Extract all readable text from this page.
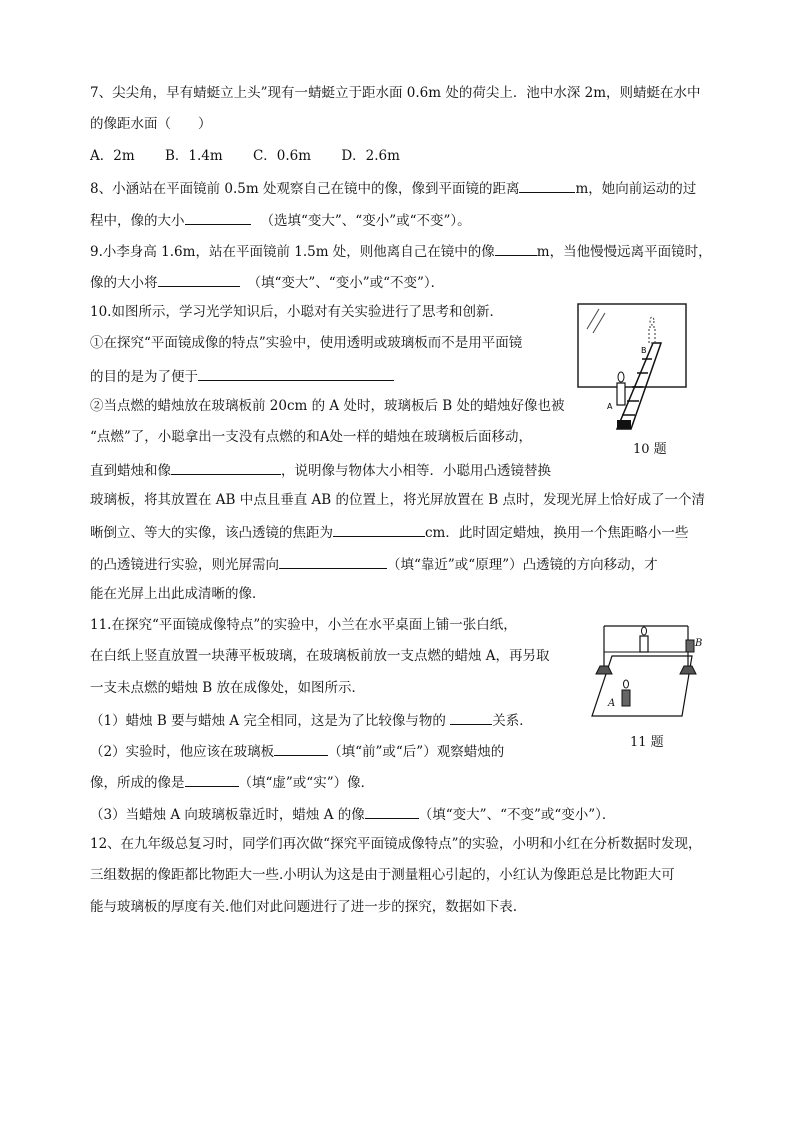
7、尖尖角，早有蜻蜓立上头”现有一蜻蜓立于距水面 0.6m 处的荷尖上．池中水深 2m，则蜻蜓在水中
的像距水面（　　）
A．2m B．1.4m C．0.6m D．2.6m
8、小涵站在平面镜前 0.5m 处观察自己在镜中的像，像到平面镜的距离	m，她向前运动的过
程中，像的大小	（选填“变大”、“变小”或“不变”）。
9.小李身高 1.6m，站在平面镜前 1.5m 处，则他离自己在镜中的像	m，当他慢慢远离平面镜时，
像的大小将	（填“变大”、“变小”或“不变”）．
10.如图所示，学习光学知识后，小聪对有关实验进行了思考和创新．
①在探究“平面镜成像的特点”实验中，使用透明或玻璃板而不是用平面镜
的目的是为了便于
②当点燃的蜡烛放在玻璃板前 20cm 的 A 处时，玻璃板后 B 处的蜡烛好像也被
“点燃”了，小聪拿出一支没有点燃的和A处一样的蜡烛在玻璃板后面移动，
直到蜡烛和像	，说明像与物体大小相等．小聪用凸透镜替换
玻璃板，将其放置在 AB 中点且垂直 AB 的位置上，将光屏放置在 B 点时，发现光屏上恰好成了一个清
晰倒立、等大的实像，该凸透镜的焦距为	cm．此时固定蜡烛，换用一个焦距略小一些
的凸透镜进行实验，则光屏需向	（填“靠近”或“原理”）凸透镜的方向移动，才
能在光屏上出此成清晰的像．
A
B
10 题
11.在探究“平面镜成像特点”的实验中，小兰在水平桌面上铺一张白纸，
在白纸上竖直放置一块薄平板玻璃，在玻璃板前放一支点燃的蜡烛 A，再另取
一支未点燃的蜡烛 B 放在成像处，如图所示．
（1）蜡烛 B 要与蜡烛 A 完全相同，这是为了比较像与物的	关系．
（2）实验时，他应该在玻璃板	（填“前”或“后”）观察蜡烛的
像，所成的像是	（填“虚”或“实”）像．
（3）当蜡烛 A 向玻璃板靠近时，蜡烛 A 的像	（填“变大”、“不变”或“变小”）．
A
B
11 题
12、在九年级总复习时，同学们再次做“探究平面镜成像特点”的实验，小明和小红在分析数据时发现，
三组数据的像距都比物距大一些.小明认为这是由于测量粗心引起的，小红认为像距总是比物距大可
能与玻璃板的厚度有关.他们对此问题进行了进一步的探究，数据如下表.
